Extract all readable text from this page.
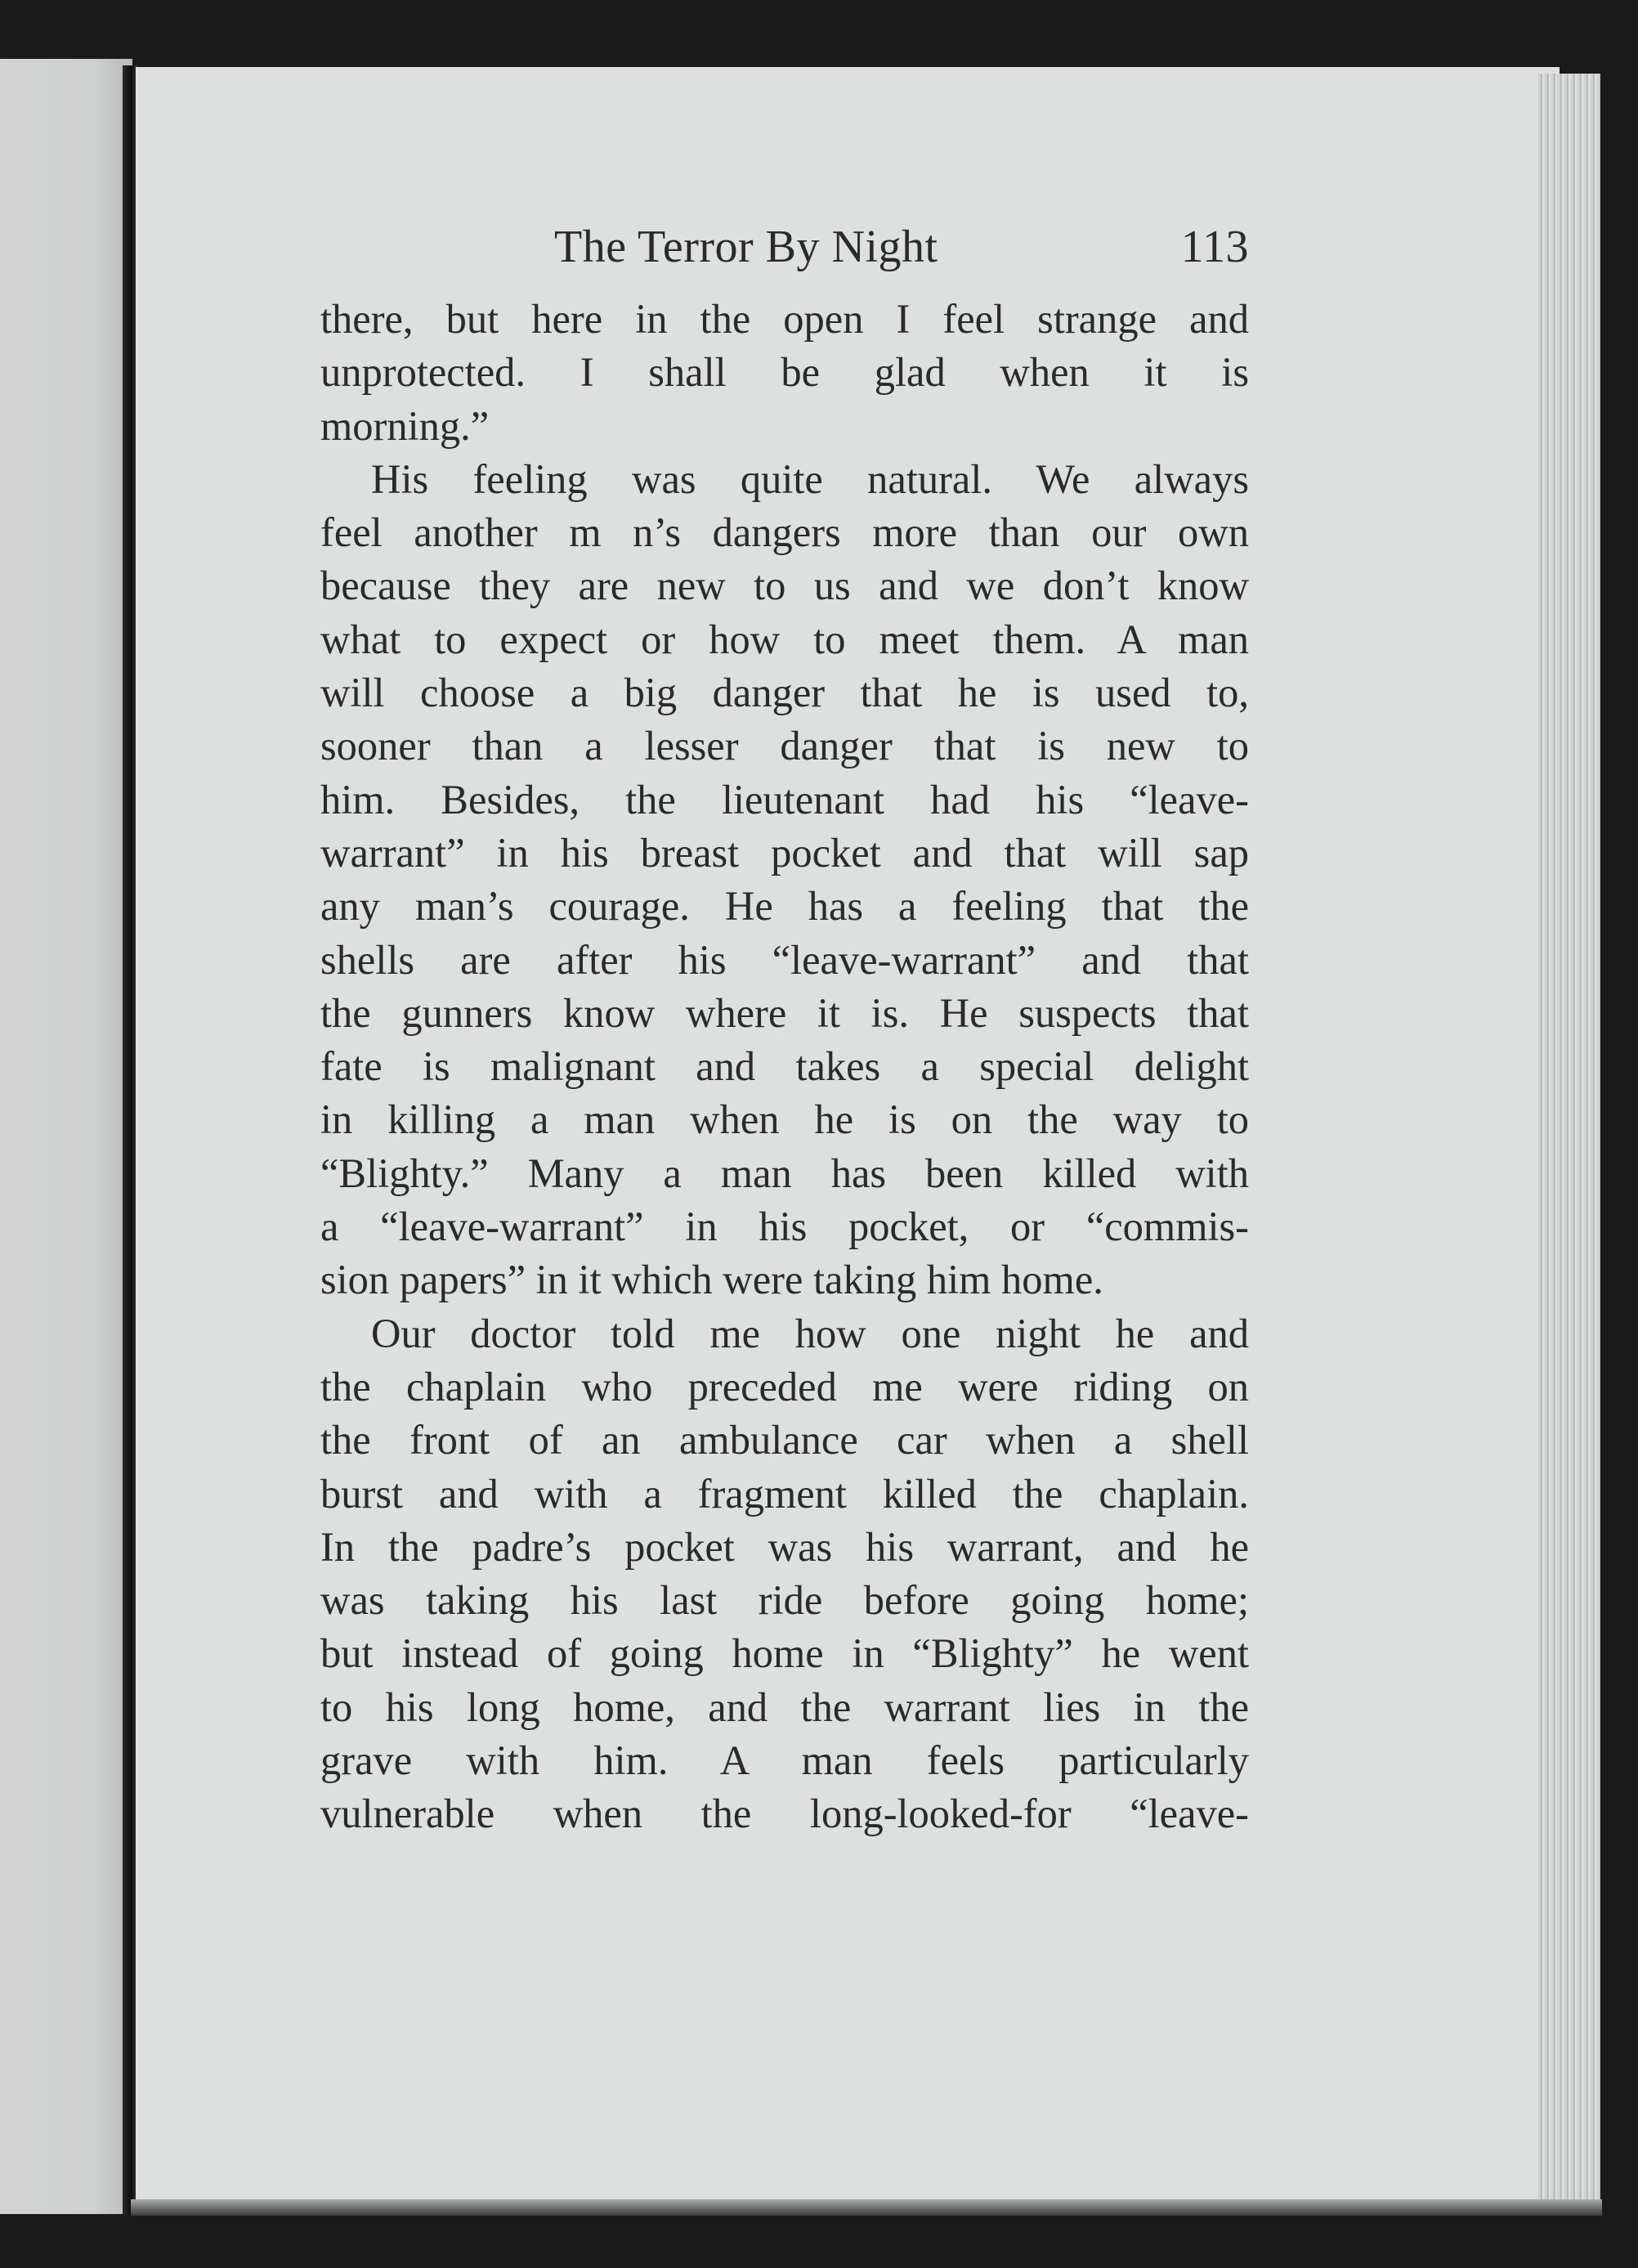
The Terror By Night	113
there, but here in the open I feel strange and
unprotected. I shall be glad when it is
morning.”
His feeling was quite natural. We always
feel another m n’s dangers more than our own
because they are new to us and we don’t know
what to expect or how to meet them. A man
will choose a big danger that he is used to,
sooner than a lesser danger that is new to
him. Besides, the lieutenant had his “leave-
warrant” in his breast pocket and that will sap
any man’s courage. He has a feeling that the
shells are after his “leave-warrant” and that
the gunners know where it is. He suspects that
fate is malignant and takes a special delight
in killing a man when he is on the way to
“Blighty.” Many a man has been killed with
a “leave-warrant” in his pocket, or “commis-
sion papers” in it which were taking him home.
Our doctor told me how one night he and
the chaplain who preceded me were riding on
the front of an ambulance car when a shell
burst and with a fragment killed the chaplain.
In the padre’s pocket was his warrant, and he
was taking his last ride before going home;
but instead of going home in “Blighty” he went
to his long home, and the warrant lies in the
grave with him. A man feels particularly
vulnerable when the long-looked-for “leave-
